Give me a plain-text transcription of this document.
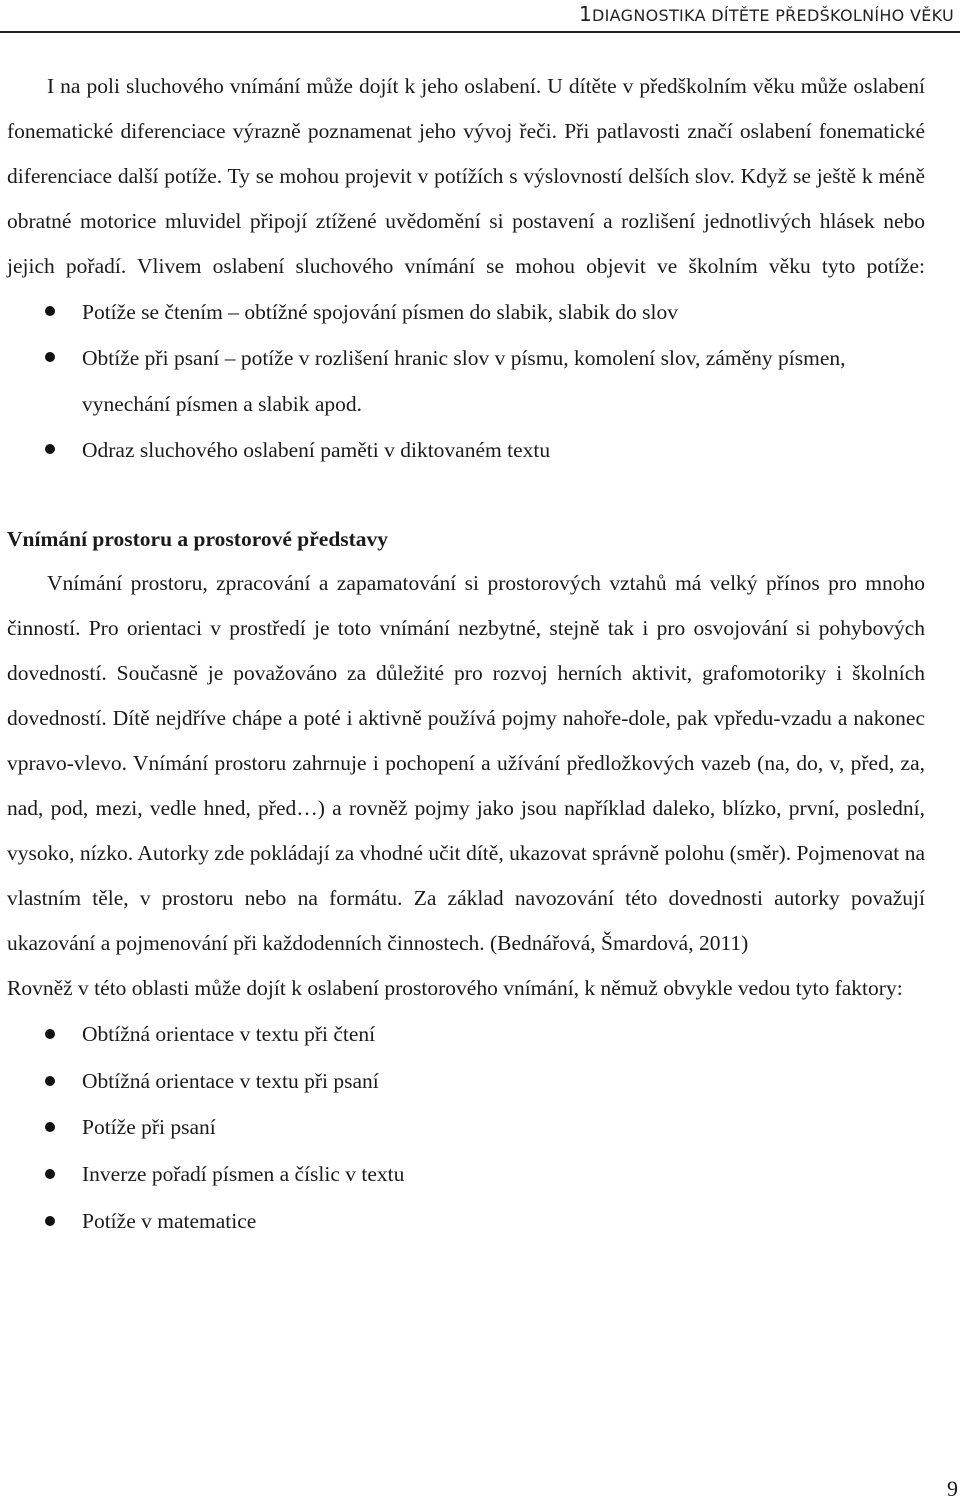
1DIAGNOSTIKA DÍTĚTE PŘEDŠKOLNÍHO VĚKU

I na poli sluchového vnímání může dojít k jeho oslabení. U dítěte v předškolním věku může oslabení fonematické diferenciace výrazně poznamenat jeho vývoj řeči. Při patlavosti značí oslabení fonematické diferenciace další potíže. Ty se mohou projevit v potížích s výslovností delších slov. Když se ještě k méně obratné motorice mluvidel připojí ztížené uvědomění si postavení a rozlišení jednotlivých hlásek nebo jejich pořadí. Vlivem oslabení sluchového vnímání se mohou objevit ve školním věku tyto potíže:

Potíže se čtením – obtížné spojování písmen do slabik, slabik do slov
Obtíže při psaní – potíže v rozlišení hranic slov v písmu, komolení slov, záměny písmen, vynechání písmen a slabik apod.
Odraz sluchového oslabení paměti v diktovaném textu
Vnímání prostoru a prostorové představy

Vnímání prostoru, zpracování a zapamatování si prostorových vztahů má velký přínos pro mnoho činností. Pro orientaci v prostředí je toto vnímání nezbytné, stejně tak i pro osvojování si pohybových dovedností. Současně je považováno za důležité pro rozvoj herních aktivit, grafomotoriky i školních dovedností. Dítě nejdříve chápe a poté i aktivně používá pojmy nahoře-dole, pak vpředu-vzadu a nakonec vpravo-vlevo. Vnímání prostoru zahrnuje i pochopení a užívání předložkových vazeb (na, do, v, před, za, nad, pod, mezi, vedle hned, před…) a rovněž pojmy jako jsou například daleko, blízko, první, poslední, vysoko, nízko. Autorky zde pokládají za vhodné učit dítě, ukazovat správně polohu (směr). Pojmenovat na vlastním těle, v prostoru nebo na formátu. Za základ navozování této dovednosti autorky považují ukazování a pojmenování při každodenních činnostech. (Bednářová, Šmardová, 2011)

Rovněž v této oblasti může dojít k oslabení prostorového vnímání, k němuž obvykle vedou tyto faktory:

Obtížná orientace v textu při čtení
Obtížná orientace v textu při psaní
Potíže při psaní
Inverze pořadí písmen a číslic v textu
Potíže v matematice
9
